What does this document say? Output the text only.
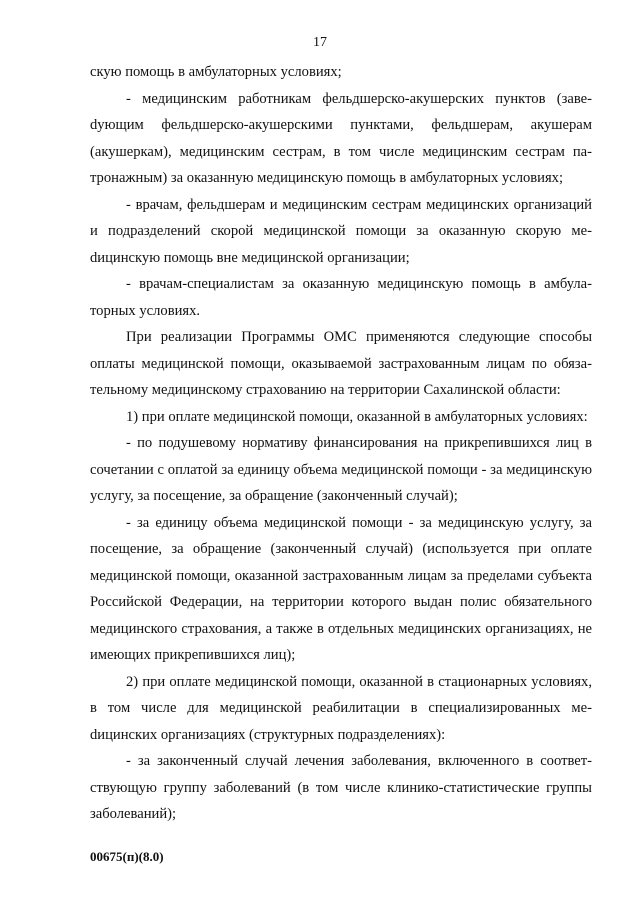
17

скую помощь в амбулаторных условиях;

- медицинским работникам фельдшерско-акушерских пунктов (завеdующим фельдшерско-акушерскими пунктами, фельдшерам, акушерам (акушеркам), медицинским сестрам, в том числе медицинским сестрам патронажным) за оказанную медицинскую помощь в амбулаторных условиях;

- врачам, фельдшерам и медицинским сестрам медицинских организаций и подразделений скорой медицинской помощи за оказанную скорую меdицинскую помощь вне медицинской организации;

- врачам-специалистам за оказанную медицинскую помощь в амбулаторных условиях.

При реализации Программы ОМС применяются следующие способы оплаты медицинской помощи, оказываемой застрахованным лицам по обязательному медицинскому страхованию на территории Сахалинской области:

1) при оплате медицинской помощи, оказанной в амбулаторных условиях:

- по подушевому нормативу финансирования на прикрепившихся лиц в сочетании с оплатой за единицу объема медицинской помощи - за медицинскую услугу, за посещение, за обращение (законченный случай);

- за единицу объема медицинской помощи - за медицинскую услугу, за посещение, за обращение (законченный случай) (используется при оплате медицинской помощи, оказанной застрахованным лицам за пределами субъекта Российской Федерации, на территории которого выдан полис обязательного медицинского страхования, а также в отдельных медицинских организациях, не имеющих прикрепившихся лиц);

2) при оплате медицинской помощи, оказанной в стационарных условиях, в том числе для медицинской реабилитации в специализированных меdицинских организациях (структурных подразделениях):

- за законченный случай лечения заболевания, включенного в соответствующую группу заболеваний (в том числе клинико-статистические группы заболеваний);

00675(п)(8.0)
